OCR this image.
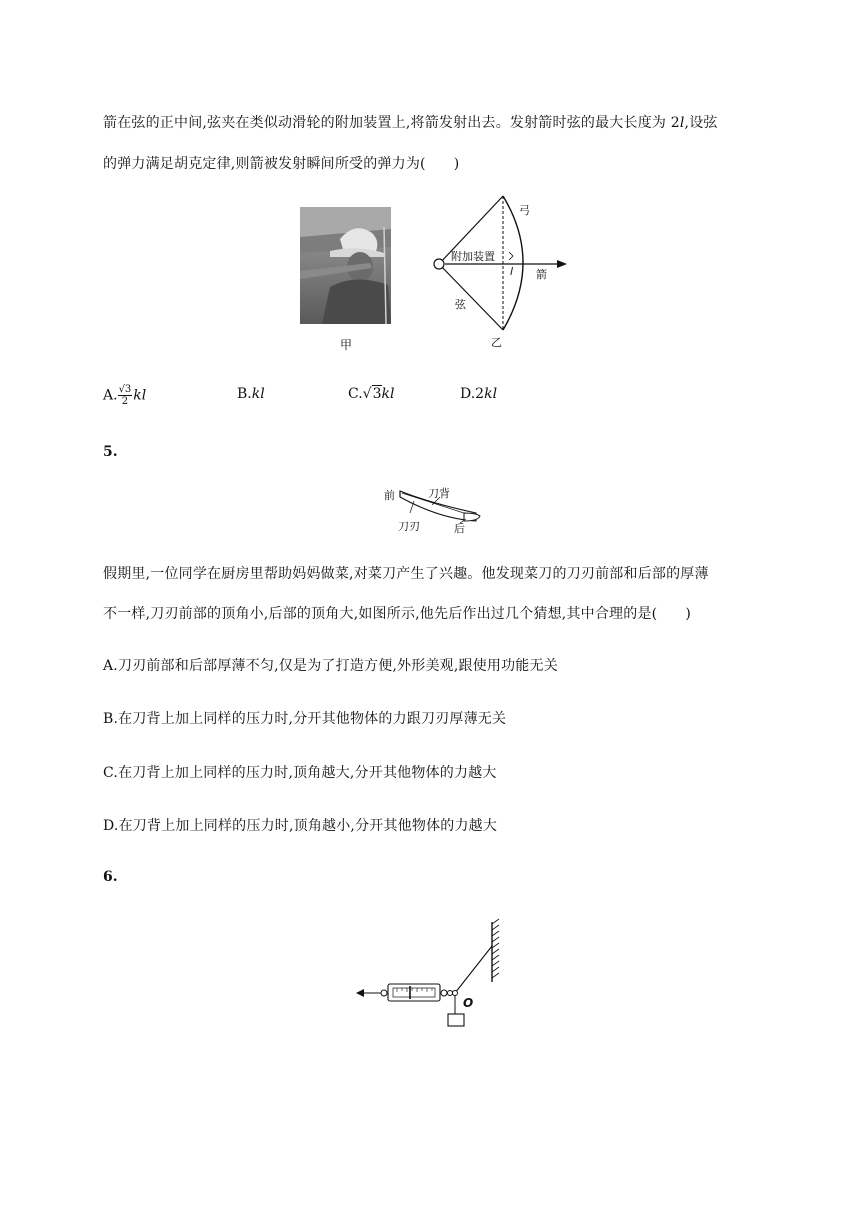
箭在弦的正中间,弦夹在类似动滑轮的附加装置上,将箭发射出去。发射箭时弦的最大长度为 2l,设弦
的弹力满足胡克定律,则箭被发射瞬间所受的弹力为( )
甲
弓
附加装置
l 箭
弦
乙
A. $\frac{√3}{2}$ kl	B.kl	C.√3kl	D.2kl
5.
前	刀背
刀刃	后
假期里,一位同学在厨房里帮助妈妈做菜,对菜刀产生了兴趣。他发现菜刀的刀刃前部和后部的厚薄
不一样,刀刃前部的顶角小,后部的顶角大,如图所示,他先后作出过几个猜想,其中合理的是( )
A.刀刃前部和后部厚薄不匀,仅是为了打造方便,外形美观,跟使用功能无关
B.在刀背上加上同样的压力时,分开其他物体的力跟刀刃厚薄无关
C.在刀背上加上同样的压力时,顶角越大,分开其他物体的力越大
D.在刀背上加上同样的压力时,顶角越小,分开其他物体的力越大
6.
O
